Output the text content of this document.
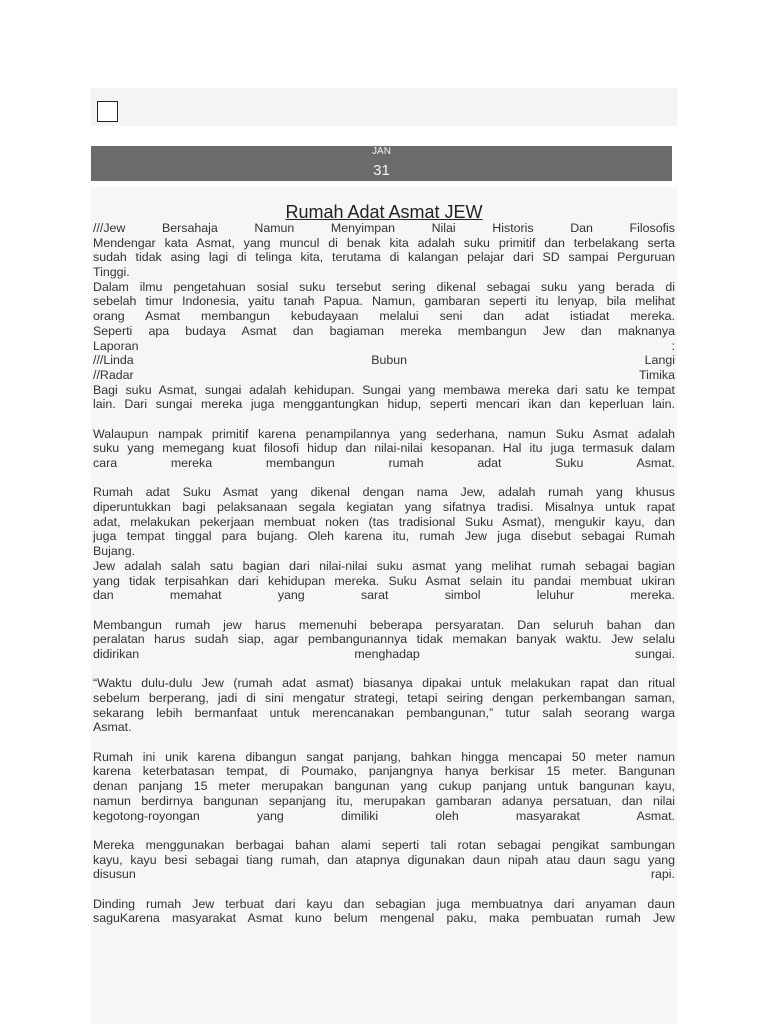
JAN
31
Rumah Adat Asmat JEW
///Jew Bersahaja Namun Menyimpan Nilai Historis Dan Filosofis
Mendengar kata Asmat, yang muncul di benak kita adalah suku primitif dan terbelakang serta
sudah tidak asing lagi di telinga kita, terutama di kalangan pelajar dari SD sampai Perguruan
Tinggi.
Dalam ilmu pengetahuan sosial suku tersebut sering dikenal sebagai suku yang berada di
sebelah timur Indonesia, yaitu tanah Papua. Namun, gambaran seperti itu lenyap, bila melihat
orang Asmat membangun kebudayaan melalui seni dan adat istiadat mereka.
Seperti apa budaya Asmat dan bagiaman mereka membangun Jew dan maknanya
Laporan :
///Linda Bubun Langi
//Radar Timika
Bagi suku Asmat, sungai adalah kehidupan. Sungai yang membawa mereka dari satu ke tempat
lain. Dari sungai mereka juga menggantungkan hidup, seperti mencari ikan dan keperluan lain.
Walaupun nampak primitif karena penampilannya yang sederhana, namun Suku Asmat adalah
suku yang memegang kuat filosofi hidup dan nilai-nilai kesopanan. Hal itu juga termasuk dalam
cara mereka membangun rumah adat Suku Asmat.
Rumah adat Suku Asmat yang dikenal dengan nama Jew, adalah rumah yang khusus
diperuntukkan bagi pelaksanaan segala kegiatan yang sifatnya tradisi. Misalnya untuk rapat
adat, melakukan pekerjaan membuat noken (tas tradisional Suku Asmat), mengukir kayu, dan
juga tempat tinggal para bujang. Oleh karena itu, rumah Jew juga disebut sebagai Rumah
Bujang.
Jew adalah salah satu bagian dari nilai-nilai suku asmat yang melihat rumah sebagai bagian
yang tidak terpisahkan dari kehidupan mereka. Suku Asmat selain itu pandai membuat ukiran
dan memahat yang sarat simbol leluhur mereka.
Membangun rumah jew harus memenuhi beberapa persyaratan. Dan seluruh bahan dan
peralatan harus sudah siap, agar pembangunannya tidak memakan banyak waktu. Jew selalu
didirikan menghadap sungai.
“Waktu dulu-dulu Jew (rumah adat asmat) biasanya dipakai untuk melakukan rapat dan ritual
sebelum berperang, jadi di sini mengatur strategi, tetapi seiring dengan perkembangan saman,
sekarang lebih bermanfaat untuk merencanakan pembangunan,” tutur salah seorang warga
Asmat.
Rumah ini unik karena dibangun sangat panjang, bahkan hingga mencapai 50 meter namun
karena keterbatasan tempat, di Poumako, panjangnya hanya berkisar 15 meter. Bangunan
denan panjang 15 meter merupakan bangunan yang cukup panjang untuk bangunan kayu,
namun berdirnya bangunan sepanjang itu, merupakan gambaran adanya persatuan, dan nilai
kegotong-royongan yang dimiliki oleh masyarakat Asmat.
Mereka menggunakan berbagai bahan alami seperti tali rotan sebagai pengikat sambungan
kayu, kayu besi sebagai tiang rumah, dan atapnya digunakan daun nipah atau daun sagu yang
disusun rapi.
Dinding rumah Jew terbuat dari kayu dan sebagian juga membuatnya dari anyaman daun
saguKarena masyarakat Asmat kuno belum mengenal paku, maka pembuatan rumah Jew
